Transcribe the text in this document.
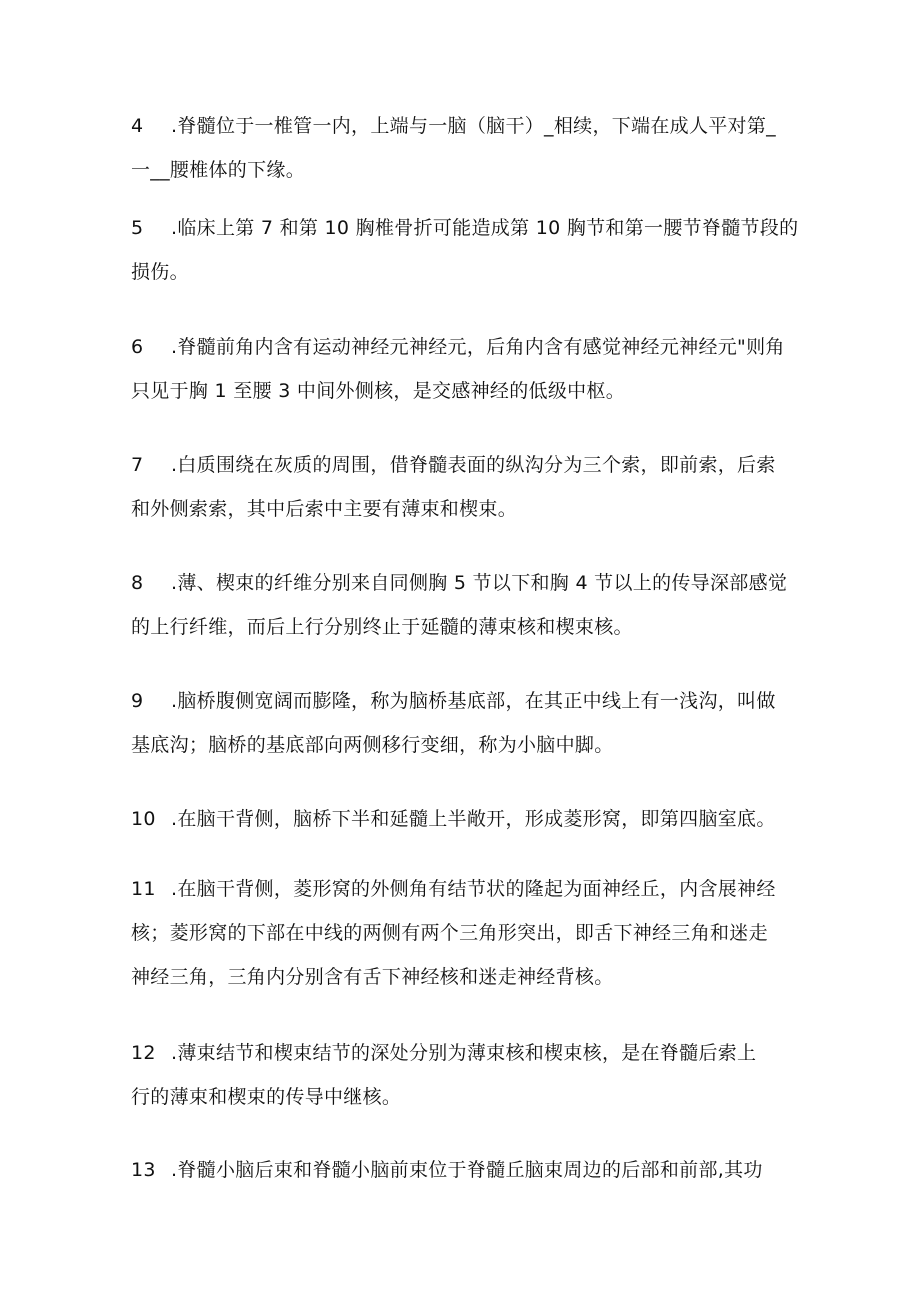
4 .脊髓位于一椎管一内，上端与一脑（脑干）_相续，下端在成人平对第_
一__腰椎体的下缘。
5 .临床上第 7 和第 10 胸椎骨折可能造成第 10 胸节和第一腰节脊髓节段的
损伤。
6 .脊髓前角内含有运动神经元神经元，后角内含有感觉神经元神经元"则角
只见于胸 1 至腰 3 中间外侧核，是交感神经的低级中枢。
7 .白质围绕在灰质的周围，借脊髓表面的纵沟分为三个索，即前索，后索
和外侧索索，其中后索中主要有薄束和楔束。
8 .薄、楔束的纤维分别来自同侧胸 5 节以下和胸 4 节以上的传导深部感觉
的上行纤维，而后上行分别终止于延髓的薄束核和楔束核。
9 .脑桥腹侧宽阔而膨隆，称为脑桥基底部，在其正中线上有一浅沟，叫做
基底沟；脑桥的基底部向两侧移行变细，称为小脑中脚。
10 .在脑干背侧，脑桥下半和延髓上半敞开，形成菱形窝，即第四脑室底。
11 .在脑干背侧，菱形窝的外侧角有结节状的隆起为面神经丘，内含展神经
核；菱形窝的下部在中线的两侧有两个三角形突出，即舌下神经三角和迷走
神经三角，三角内分别含有舌下神经核和迷走神经背核。
12 .薄束结节和楔束结节的深处分别为薄束核和楔束核，是在脊髓后索上
行的薄束和楔束的传导中继核。
13 .脊髓小脑后束和脊髓小脑前束位于脊髓丘脑束周边的后部和前部,其功
